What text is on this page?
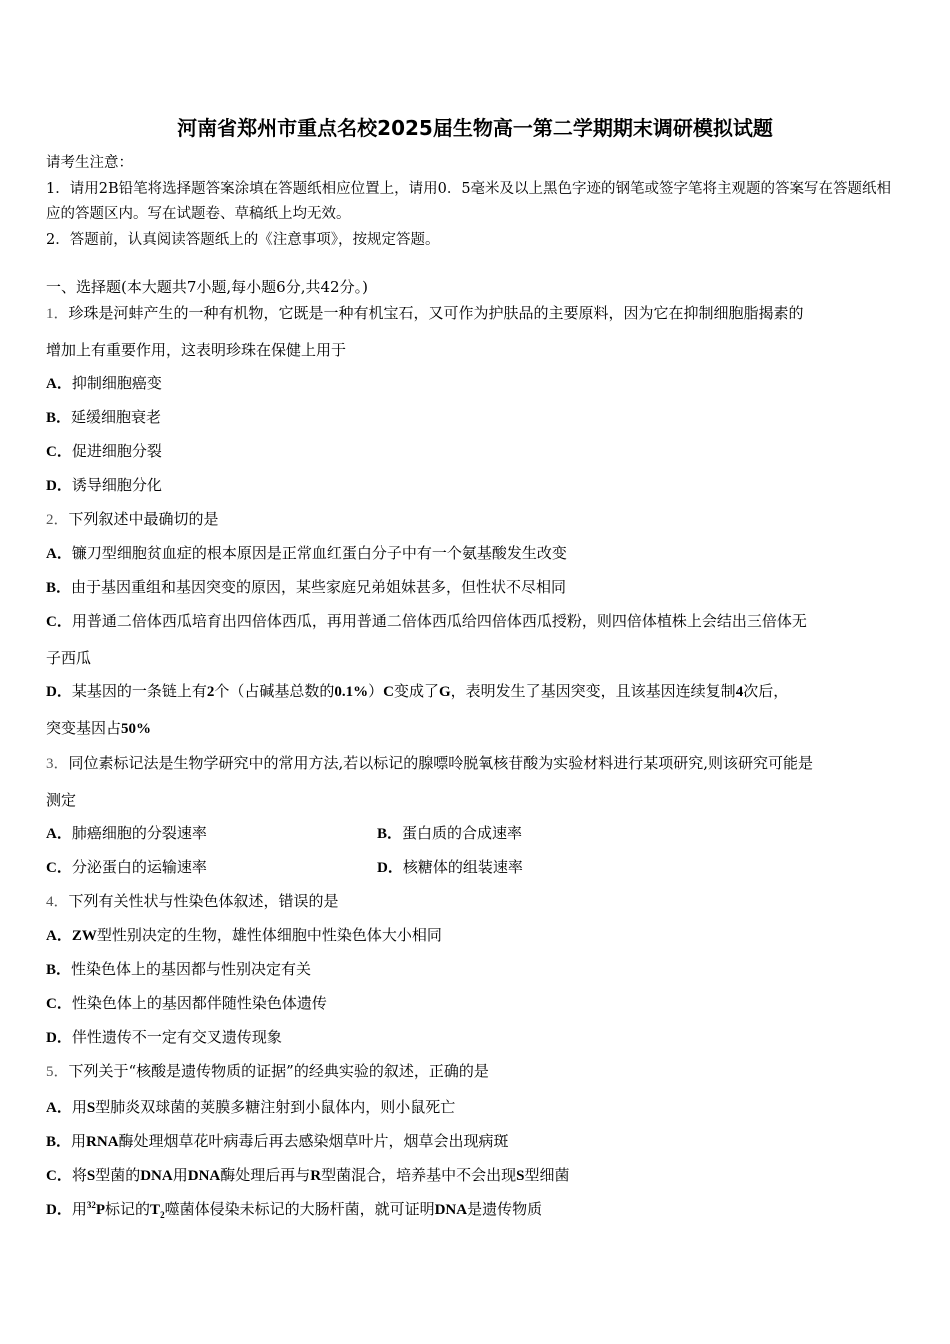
河南省郑州市重点名校2025届生物高一第二学期期末调研模拟试题

请考生注意：

1．请用2B铅笔将选择题答案涂填在答题纸相应位置上，请用0．5毫米及以上黑色字迹的钢笔或签字笔将主观题的答案写在答题纸相应的答题区内。写在试题卷、草稿纸上均无效。

2．答题前，认真阅读答题纸上的《注意事项》，按规定答题。

一、选择题(本大题共7小题,每小题6分,共42分。)
1．珍珠是河蚌产生的一种有机物，它既是一种有机宝石，又可作为护肤品的主要原料，因为它在抑制细胞脂揭素的
增加上有重要作用，这表明珍珠在保健上用于
A．抑制细胞癌变
B．延缓细胞衰老
C．促进细胞分裂
D．诱导细胞分化
2．下列叙述中最确切的是
A．镰刀型细胞贫血症的根本原因是正常血红蛋白分子中有一个氨基酸发生改变
B．由于基因重组和基因突变的原因，某些家庭兄弟姐妹甚多，但性状不尽相同
C．用普通二倍体西瓜培育出四倍体西瓜，再用普通二倍体西瓜给四倍体西瓜授粉，则四倍体植株上会结出三倍体无
子西瓜
D．某基因的一条链上有2个（占碱基总数的0.1%）C变成了G，表明发生了基因突变，且该基因连续复制4次后，
突变基因占50%
3．同位素标记法是生物学研究中的常用方法,若以标记的腺嘌呤脱氧核苷酸为实验材料进行某项研究,则该研究可能是
测定
A．肺癌细胞的分裂速率	B．蛋白质的合成速率
C．分泌蛋白的运输速率	D．核糖体的组装速率
4．下列有关性状与性染色体叙述，错误的是
A．ZW型性别决定的生物，雄性体细胞中性染色体大小相同
B．性染色体上的基因都与性别决定有关
C．性染色体上的基因都伴随性染色体遗传
D．伴性遗传不一定有交叉遗传现象
5．下列关于“核酸是遗传物质的证据”的经典实验的叙述，正确的是
A．用S型肺炎双球菌的荚膜多糖注射到小鼠体内，则小鼠死亡
B．用RNA酶处理烟草花叶病毒后再去感染烟草叶片，烟草会出现病斑
C．将S型菌的DNA用DNA酶处理后再与R型菌混合，培养基中不会出现S型细菌
D．用$^{32}$P标记的$T_2$噬菌体侵染未标记的大肠杆菌，就可证明DNA是遗传物质
